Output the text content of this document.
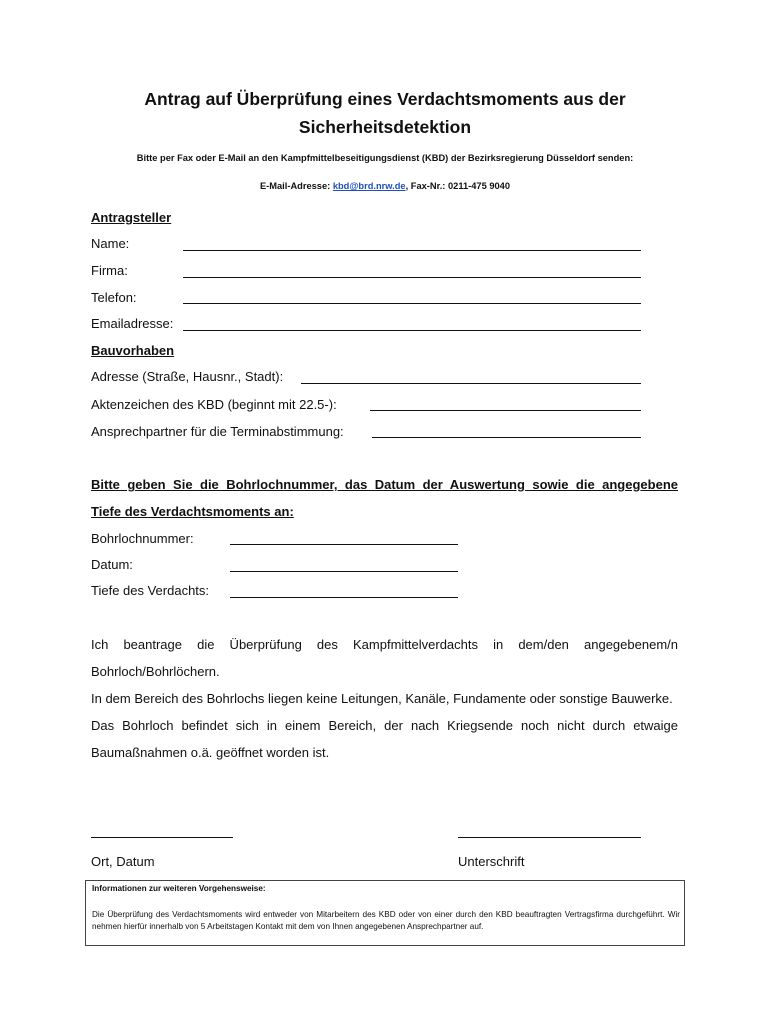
Antrag auf Überprüfung eines Verdachtsmoments aus der
Sicherheitsdetektion
Bitte per Fax oder E-Mail an den Kampfmittelbeseitigungsdienst (KBD) der Bezirksregierung Düsseldorf senden:
E-Mail-Adresse: kbd@brd.nrw.de, Fax-Nr.: 0211-475 9040
Antragsteller
Name:
Firma:
Telefon:
Emailadresse:
Bauvorhaben
Adresse (Straße, Hausnr., Stadt):
Aktenzeichen des KBD (beginnt mit 22.5-):
Ansprechpartner für die Terminabstimmung:
Bitte geben Sie die Bohrlochnummer, das Datum der Auswertung sowie die angegebene
Tiefe des Verdachtsmoments an:
Bohrlochnummer:
Datum:
Tiefe des Verdachts:

Ich beantrage die Überprüfung des Kampfmittelverdachts in dem/den angegebenem/n Bohrloch/Bohrlöchern.

In dem Bereich des Bohrlochs liegen keine Leitungen, Kanäle, Fundamente oder sonstige Bauwerke.

Das Bohrloch befindet sich in einem Bereich, der nach Kriegsende noch nicht durch etwaige Baumaßnahmen o.ä. geöffnet worden ist.

Ort, Datum	Unterschrift
Informationen zur weiteren Vorgehensweise:
Die Überprüfung des Verdachtsmoments wird entweder von Mitarbeitern des KBD oder von einer durch den KBD beauftragten Vertragsfirma durchgeführt. Wir nehmen hierfür innerhalb von 5 Arbeitstagen Kontakt mit dem von Ihnen angegebenen Ansprechpartner auf.
